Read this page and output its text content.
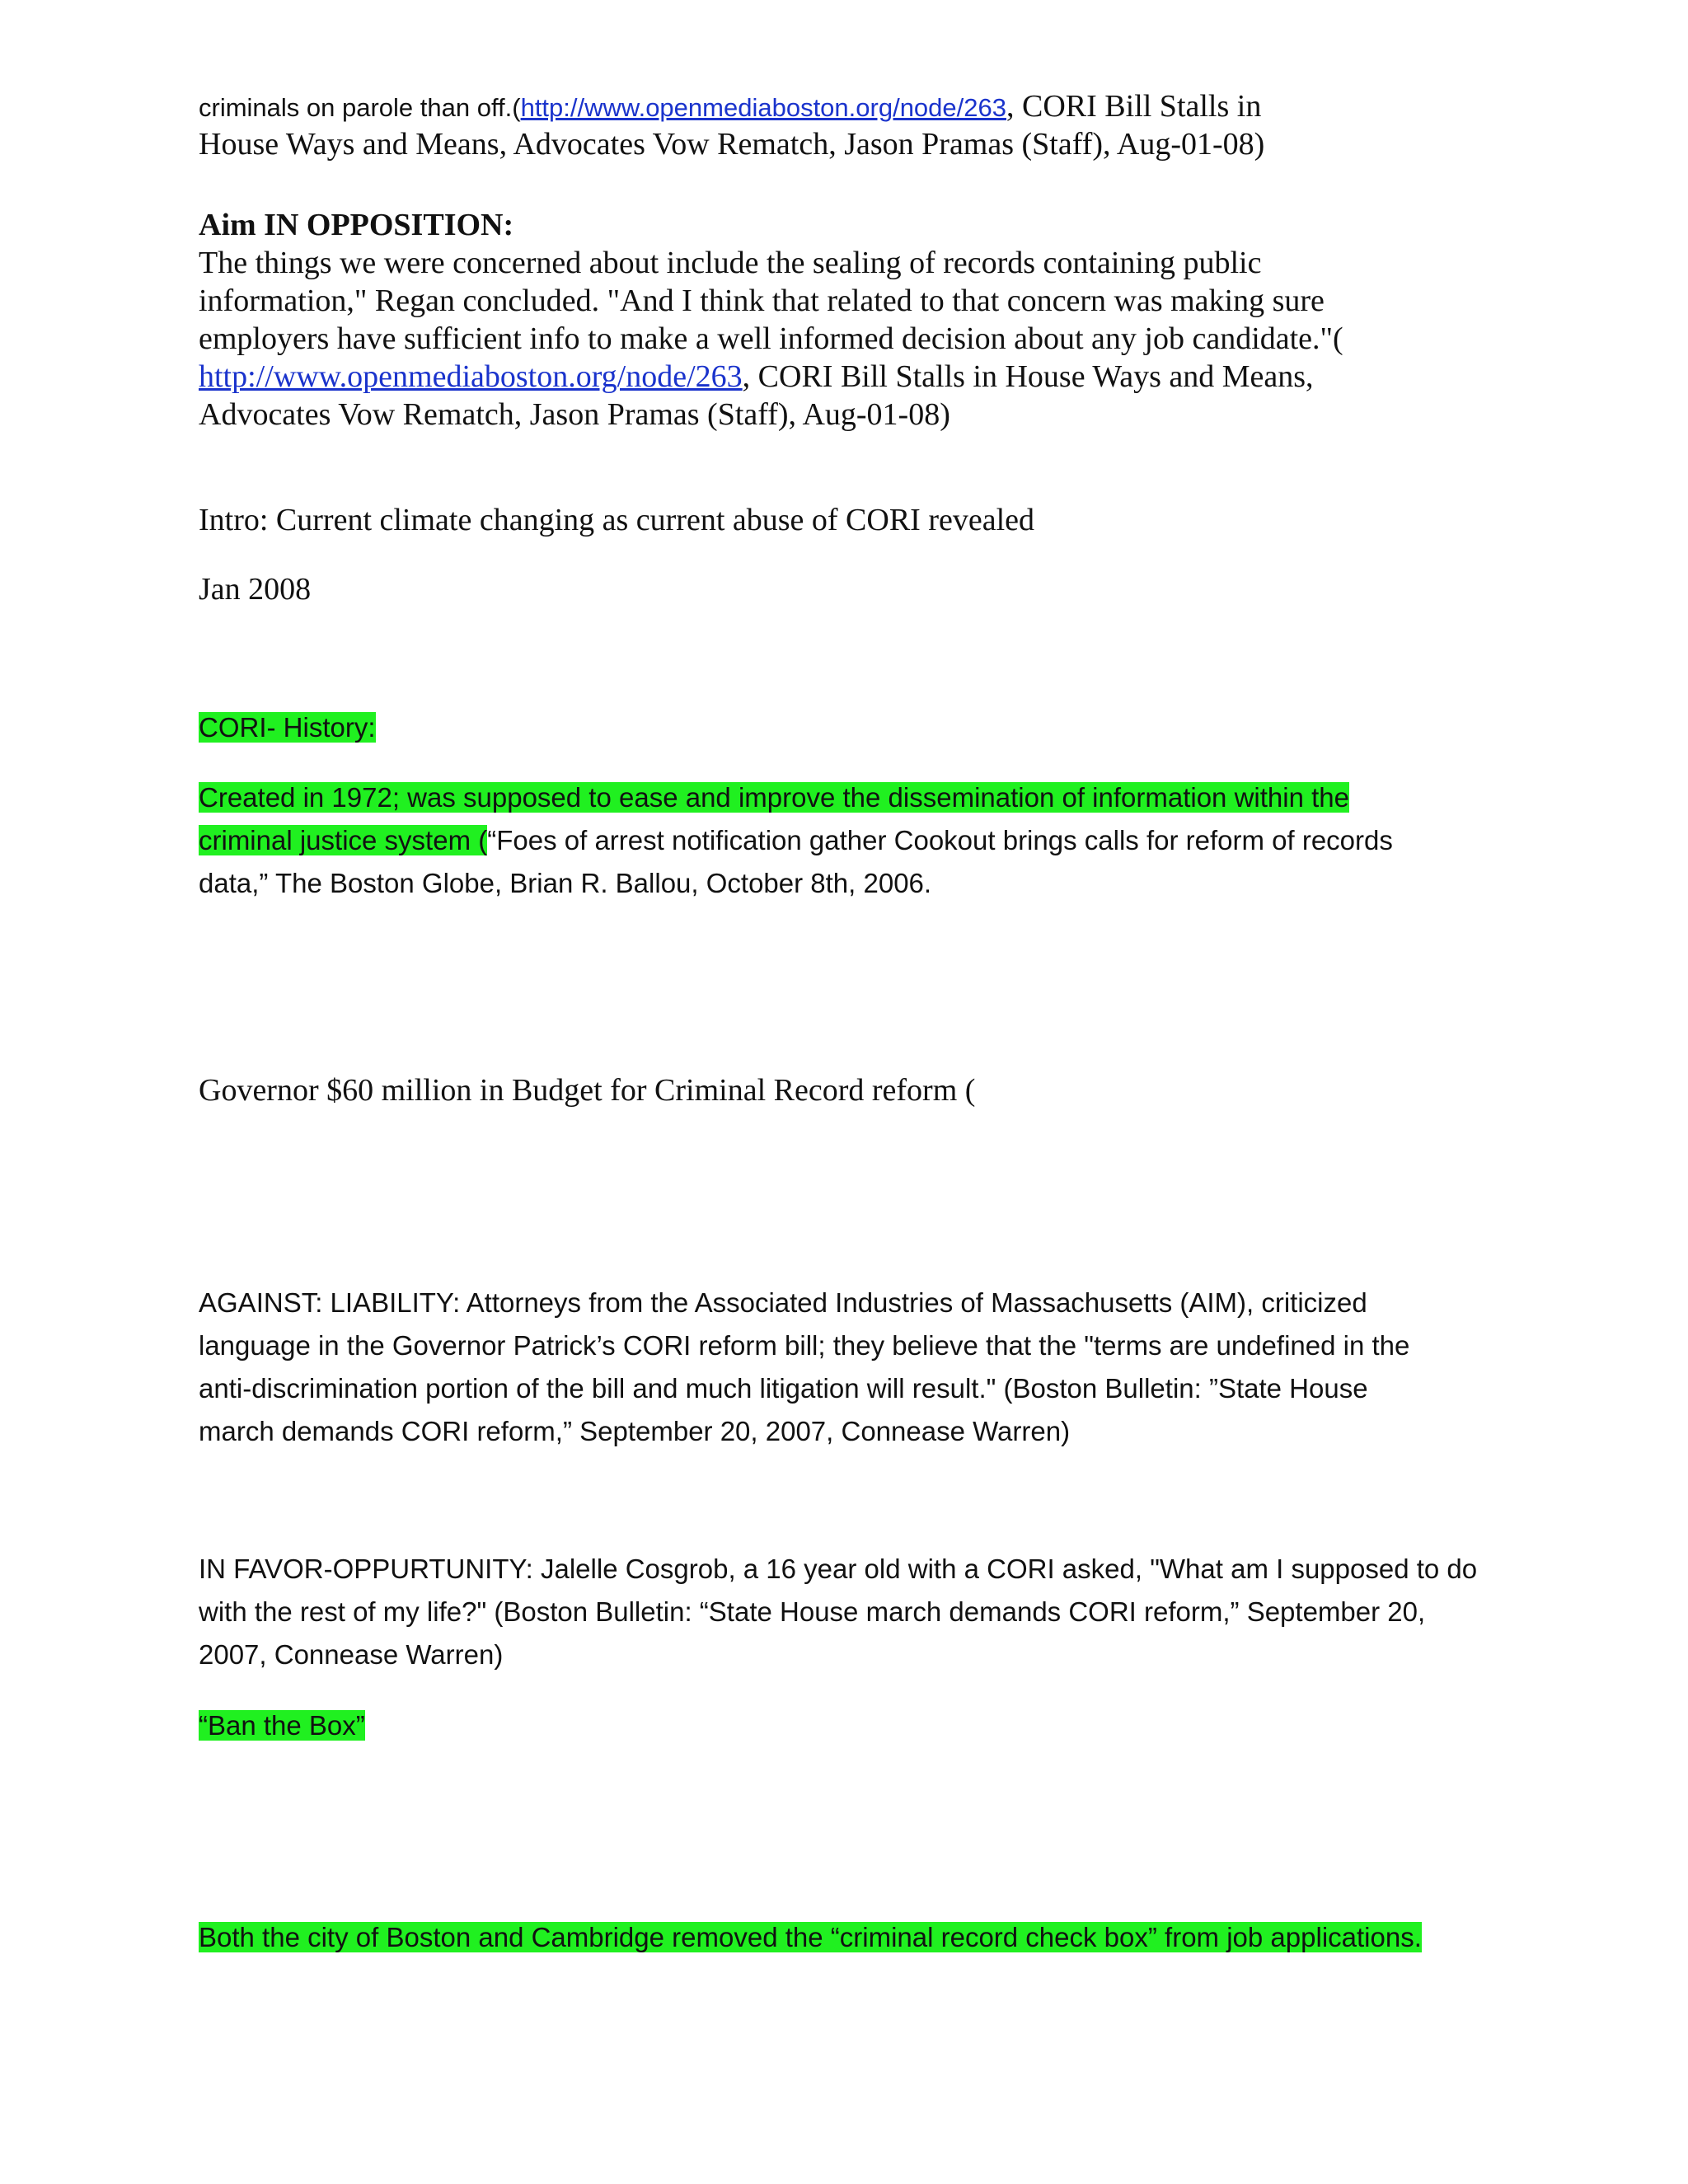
criminals on parole than off.(http://www.openmediaboston.org/node/263, CORI Bill Stalls in
House Ways and Means, Advocates Vow Rematch, Jason Pramas (Staff), Aug-01-08)
Aim IN OPPOSITION:
The things we were concerned about include the sealing of records containing public
information," Regan concluded. "And I think that related to that concern was making sure
employers have sufficient info to make a well informed decision about any job candidate."(
http://www.openmediaboston.org/node/263, CORI Bill Stalls in House Ways and Means,
Advocates Vow Rematch, Jason Pramas (Staff), Aug-01-08)
Intro: Current climate changing as current abuse of CORI revealed
Jan 2008
CORI- History:
Created in 1972; was supposed to ease and improve the dissemination of information within the
criminal justice system (“Foes of arrest notification gather Cookout brings calls for reform of records
data,” The Boston Globe, Brian R. Ballou, October 8th, 2006.
Governor $60 million in Budget for Criminal Record reform (
AGAINST: LIABILITY: Attorneys from the Associated Industries of Massachusetts (AIM), criticized
language in the Governor Patrick’s CORI reform bill; they believe that the "terms are undefined in the
anti-discrimination portion of the bill and much litigation will result." (Boston Bulletin: ”State House
march demands CORI reform,” September 20, 2007, Connease Warren)
IN FAVOR-OPPURTUNITY: Jalelle Cosgrob, a 16 year old with a CORI asked, "What am I supposed to do
with the rest of my life?" (Boston Bulletin: “State House march demands CORI reform,” September 20,
2007, Connease Warren)
“Ban the Box”
Both the city of Boston and Cambridge removed the “criminal record check box” from job applications.
